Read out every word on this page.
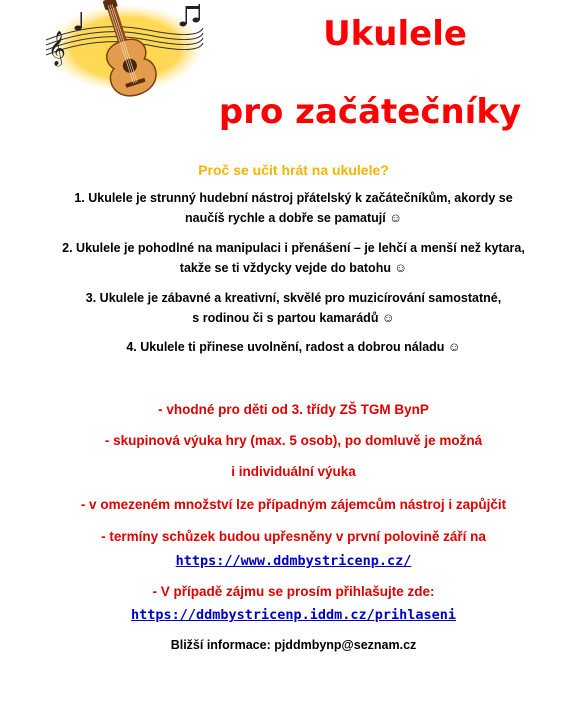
𝄞	Ukulele
pro začátečníky
Proč se učit hrát na ukulele?
1. Ukulele je strunný hudební nástroj přátelský k začátečníkům, akordy se
naučíš rychle a dobře se pamatují ☺
2. Ukulele je pohodlné na manipulaci i přenášení – je lehčí a menší než kytara,
takže se ti vždycky vejde do batohu ☺
3. Ukulele je zábavné a kreativní, skvělé pro muzicírování samostatné,
s rodinou či s partou kamarádů ☺
4. Ukulele ti přinese uvolnění, radost a dobrou náladu ☺
- vhodné pro děti od 3. třídy ZŠ TGM BynP
- skupinová výuka hry (max. 5 osob), po domluvě je možná
i individuální výuka
- v omezeném množství lze případným zájemcům nástroj i zapůjčit
- termíny schůzek budou upřesněny v první polovině září na
https://www.ddmbystricenp.cz/
- V případě zájmu se prosím přihlašujte zde:
https://ddmbystricenp.iddm.cz/prihlaseni
Bližší informace: pjddmbynp@seznam.cz
